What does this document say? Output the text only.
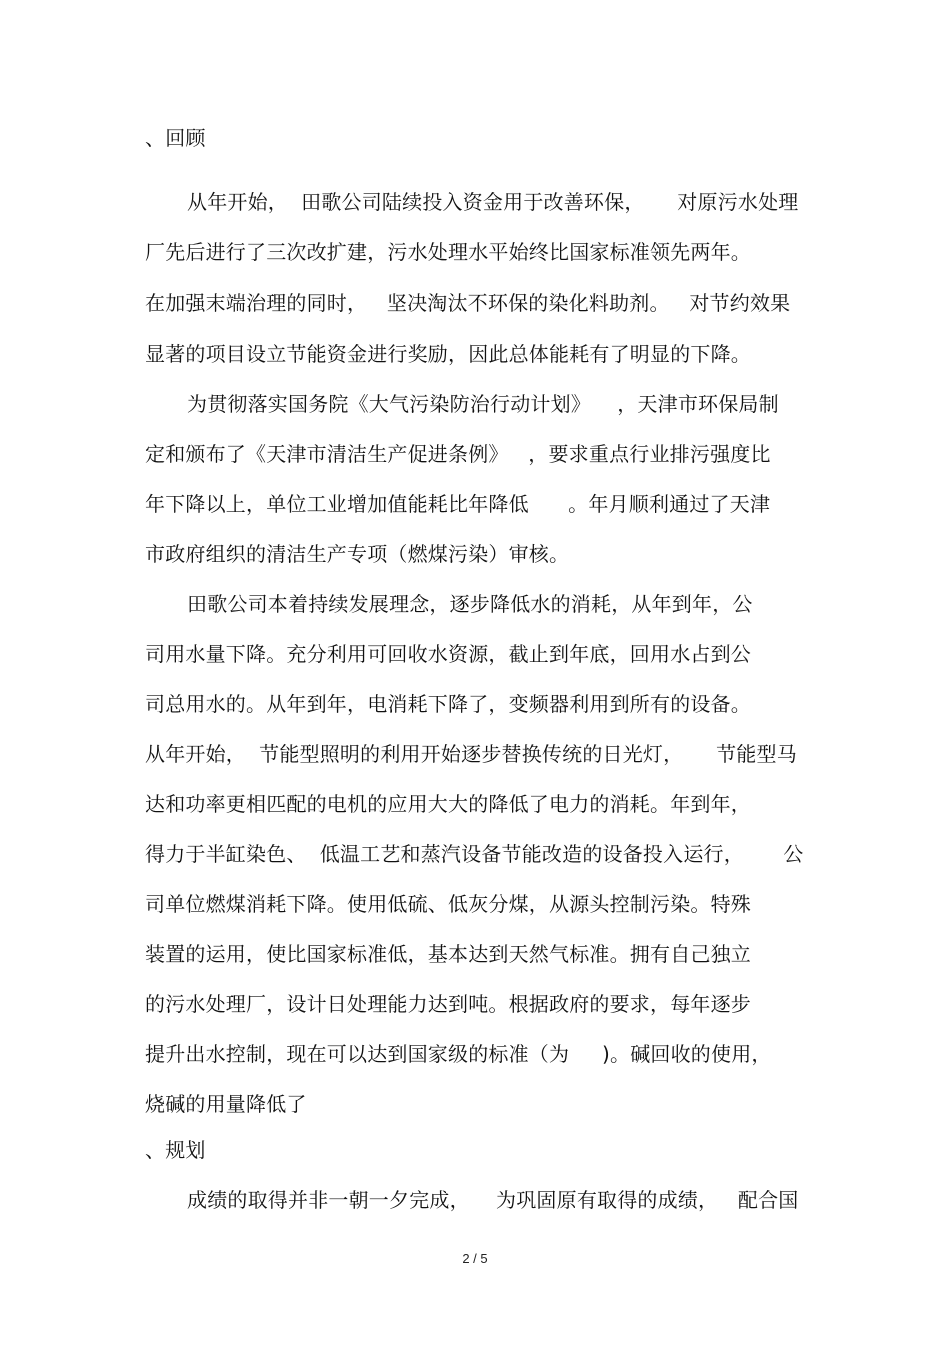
、回顾
从年开始，  田歌公司陆续投入资金用于改善环保，     对原污水处理
厂先后进行了三次改扩建，污水处理水平始终比国家标准领先两年。
在加强末端治理的同时，   坚决淘汰不环保的染化料助剂。   对节约效果
显著的项目设立节能资金进行奖励，因此总体能耗有了明显的下降。
为贯彻落实国务院《大气污染防治行动计划》    ，天津市环保局制
定和颁布了《天津市清洁生产促进条例》   ，要求重点行业排污强度比
年下降以上，单位工业增加值能耗比年降低      。年月顺利通过了天津
市政府组织的清洁生产专项（燃煤污染）审核。
田歌公司本着持续发展理念，逐步降低水的消耗，从年到年，公
司用水量下降。充分利用可回收水资源，截止到年底，回用水占到公
司总用水的。从年到年，电消耗下降了，变频器利用到所有的设备。
从年开始，  节能型照明的利用开始逐步替换传统的日光灯，     节能型马
达和功率更相匹配的电机的应用大大的降低了电力的消耗。年到年，
得力于半缸染色、  低温工艺和蒸汽设备节能改造的设备投入运行，      公
司单位燃煤消耗下降。使用低硫、低灰分煤，从源头控制污染。特殊
装置的运用，使比国家标准低，基本达到天然气标准。拥有自己独立
的污水处理厂，设计日处理能力达到吨。根据政府的要求，每年逐步
提升出水控制，现在可以达到国家级的标准（为     )。碱回收的使用，
烧碱的用量降低了
、规划
成绩的取得并非一朝一夕完成，    为巩固原有取得的成绩，   配合国
2 / 5
